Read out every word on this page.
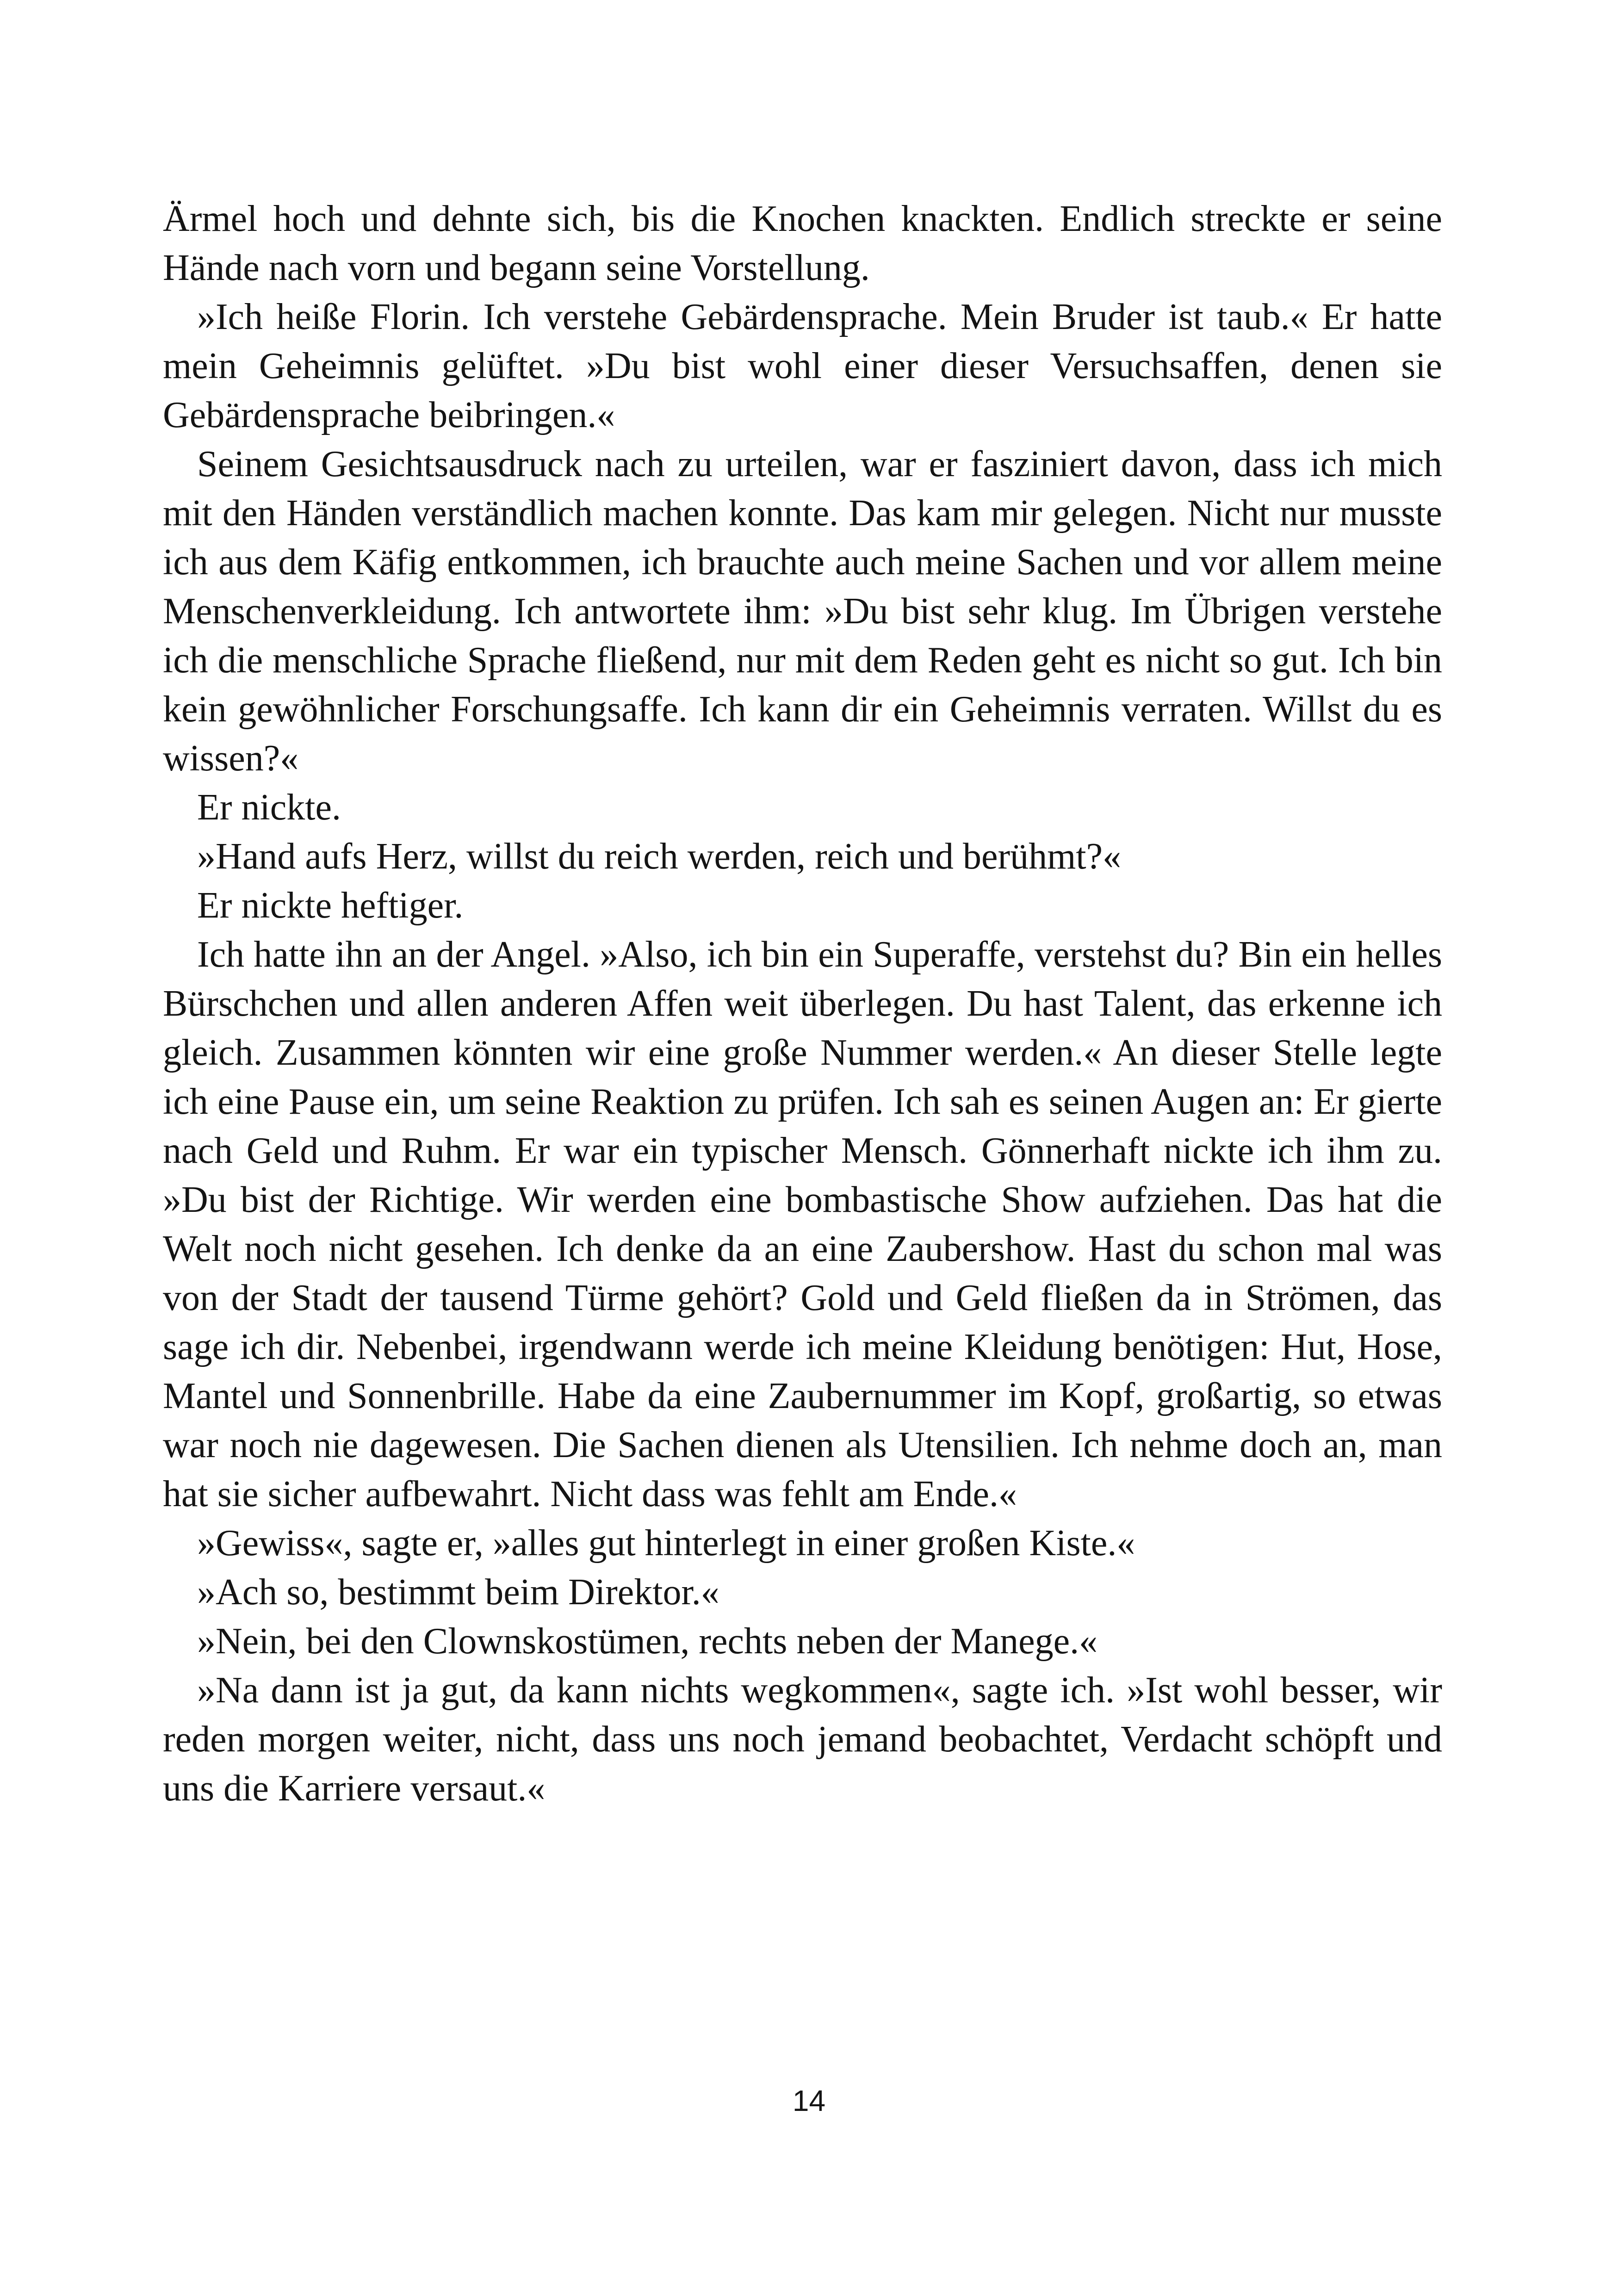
Ärmel hoch und dehnte sich, bis die Knochen knackten. Endlich streckte er seine Hände nach vorn und begann seine Vorstellung.

»Ich heiße Florin. Ich verstehe Gebärdensprache. Mein Bruder ist taub.« Er hatte mein Geheimnis gelüftet. »Du bist wohl einer dieser Versuchsaffen, denen sie Gebärdensprache beibringen.«

Seinem Gesichtsausdruck nach zu urteilen, war er fasziniert davon, dass ich mich mit den Händen verständlich machen konnte. Das kam mir gelegen. Nicht nur musste ich aus dem Käfig entkommen, ich brauchte auch meine Sachen und vor allem meine Menschenverkleidung. Ich antwortete ihm: »Du bist sehr klug. Im Übrigen verstehe ich die menschliche Sprache fließend, nur mit dem Reden geht es nicht so gut. Ich bin kein gewöhnlicher Forschungsaffe. Ich kann dir ein Geheimnis verraten. Willst du es wissen?«

Er nickte.

»Hand aufs Herz, willst du reich werden, reich und berühmt?«

Er nickte heftiger.

Ich hatte ihn an der Angel. »Also, ich bin ein Superaffe, verstehst du? Bin ein helles Bürschchen und allen anderen Affen weit überlegen. Du hast Talent, das erkenne ich gleich. Zusammen könnten wir eine große Nummer werden.« An dieser Stelle legte ich eine Pause ein, um seine Reaktion zu prüfen. Ich sah es seinen Augen an: Er gierte nach Geld und Ruhm. Er war ein typischer Mensch. Gönnerhaft nickte ich ihm zu. »Du bist der Richtige. Wir werden eine bombastische Show aufziehen. Das hat die Welt noch nicht gesehen. Ich denke da an eine Zaubershow. Hast du schon mal was von der Stadt der tausend Türme gehört? Gold und Geld fließen da in Strömen, das sage ich dir. Nebenbei, irgendwann werde ich meine Kleidung benötigen: Hut, Hose, Mantel und Sonnenbrille. Habe da eine Zaubernummer im Kopf, großartig, so etwas war noch nie dagewesen. Die Sachen dienen als Utensilien. Ich nehme doch an, man hat sie sicher aufbewahrt. Nicht dass was fehlt am Ende.«

»Gewiss«, sagte er, »alles gut hinterlegt in einer großen Kiste.«

»Ach so, bestimmt beim Direktor.«

»Nein, bei den Clownskostümen, rechts neben der Manege.«

»Na dann ist ja gut, da kann nichts wegkommen«, sagte ich. »Ist wohl besser, wir reden morgen weiter, nicht, dass uns noch jemand beobachtet, Verdacht schöpft und uns die Karriere versaut.«

14
